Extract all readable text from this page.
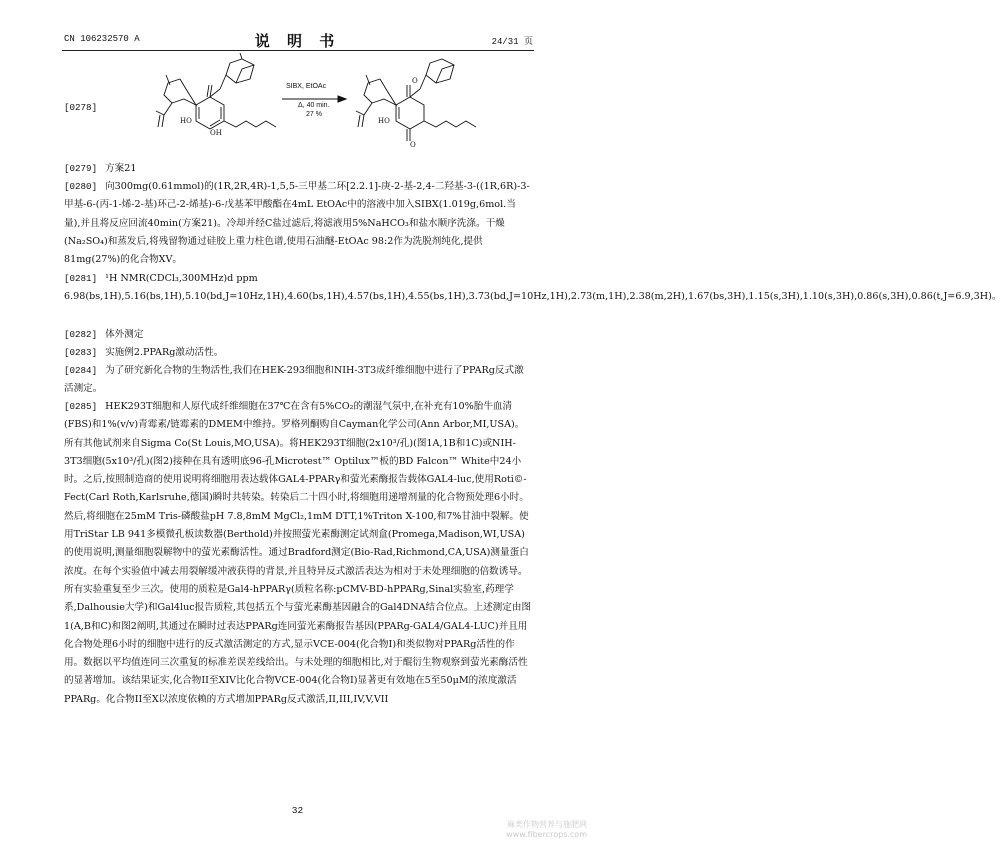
CN 106232570 A	说 明 书	24/31 页
[0278]
OH
HO
O
O
HO
SIBX, EtOAc
Δ, 40 min.
27 %
[0279] 方案21
[0280] 向300mg(0.61mmol)的(1R,2R,4R)-1,5,5-三甲基二环[2.2.1]-庚-2-基-2,4-二羟基-3-((1R,6R)-3-甲基-6-(丙-1-烯-2-基)环己-2-烯基)-6-戊基苯甲酸酯在4mL EtOAc中的溶液中加入SIBX(1.019g,6mol.当量),并且将反应回流40min(方案21)。冷却并经C盐过滤后,将滤液用5%NaHCO₃和盐水顺序洗涤。干燥(Na₂SO₄)和蒸发后,将残留物通过硅胶上重力柱色谱,使用石油醚-EtOAc 98:2作为洗脱剂纯化,提供81mg(27%)的化合物XV。
[0281] ¹H NMR(CDCl₃,300MHz)d ppm 6.98(bs,1H),5.16(bs,1H),5.10(bd,J=10Hz,1H),4.60(bs,1H),4.57(bs,1H),4.55(bs,1H),3.73(bd,J=10Hz,1H),2.73(m,1H),2.38(m,2H),1.67(bs,3H),1.15(s,3H),1.10(s,3H),0.86(s,3H),0.86(t,J=6.9,3H)。
[0282] 体外测定
[0283] 实施例2.PPARg激动活性。
[0284] 为了研究新化合物的生物活性,我们在HEK-293细胞和NIH-3T3成纤维细胞中进行了PPARg反式激活测定。
[0285] HEK293T细胞和人原代成纤维细胞在37℃在含有5%CO₂的潮湿气氛中,在补充有10%胎牛血清(FBS)和1%(v/v)青霉素/链霉素的DMEM中维持。罗格列酮购自Cayman化学公司(Ann Arbor,MI,USA)。所有其他试剂来自Sigma Co(St Louis,MO,USA)。将HEK293T细胞(2x10³/孔)(图1A,1B和1C)或NIH-3T3细胞(5x10³/孔)(图2)接种在具有透明底96-孔Microtest™ Optilux™板的BD Falcon™ White中24小时。之后,按照制造商的使用说明将细胞用表达载体GAL4-PPARγ和萤光素酶报告载体GAL4-luc,使用Roti©-Fect(Carl Roth,Karlsruhe,德国)瞬时共转染。转染后二十四小时,将细胞用递增剂量的化合物预处理6小时。然后,将细胞在25mM Tris-磷酸盐pH 7.8,8mM MgCl₂,1mM DTT,1%Triton X-100,和7%甘油中裂解。使用TriStar LB 941多模微孔板读数器(Berthold)并按照萤光素酶测定试剂盒(Promega,Madison,WI,USA)的使用说明,测量细胞裂解物中的萤光素酶活性。通过Bradford测定(Bio-Rad,Richmond,CA,USA)测量蛋白浓度。在每个实验值中减去用裂解缓冲液获得的背景,并且特异反式激活表达为相对于未处理细胞的倍数诱导。所有实验重复至少三次。使用的质粒是Gal4-hPPARγ(质粒名称:pCMV-BD-hPPARg,Sinal实验室,药理学系,Dalhousie大学)和Gal4luc报告质粒,其包括五个与萤光素酶基因融合的Gal4DNA结合位点。上述测定由图1(A,B和C)和图2阐明,其通过在瞬时过表达PPARg连同萤光素酶报告基因(PPARg-GAL4/GAL4-LUC)并且用化合物处理6小时的细胞中进行的反式激活测定的方式,显示VCE-004(化合物I)和类似物对PPARg活性的作用。数据以平均值连同三次重复的标准差误差线给出。与未处理的细胞相比,对于醌衍生物观察到萤光素酶活性的显著增加。该结果证实,化合物II至XIV比化合物VCE-004(化合物I)显著更有效地在5至50μM的浓度激活PPARg。化合物II至X以浓度依赖的方式增加PPARg反式激活,II,III,IV,V,VII
32
麻类作物营养与施肥网
www.fibercrops.com
